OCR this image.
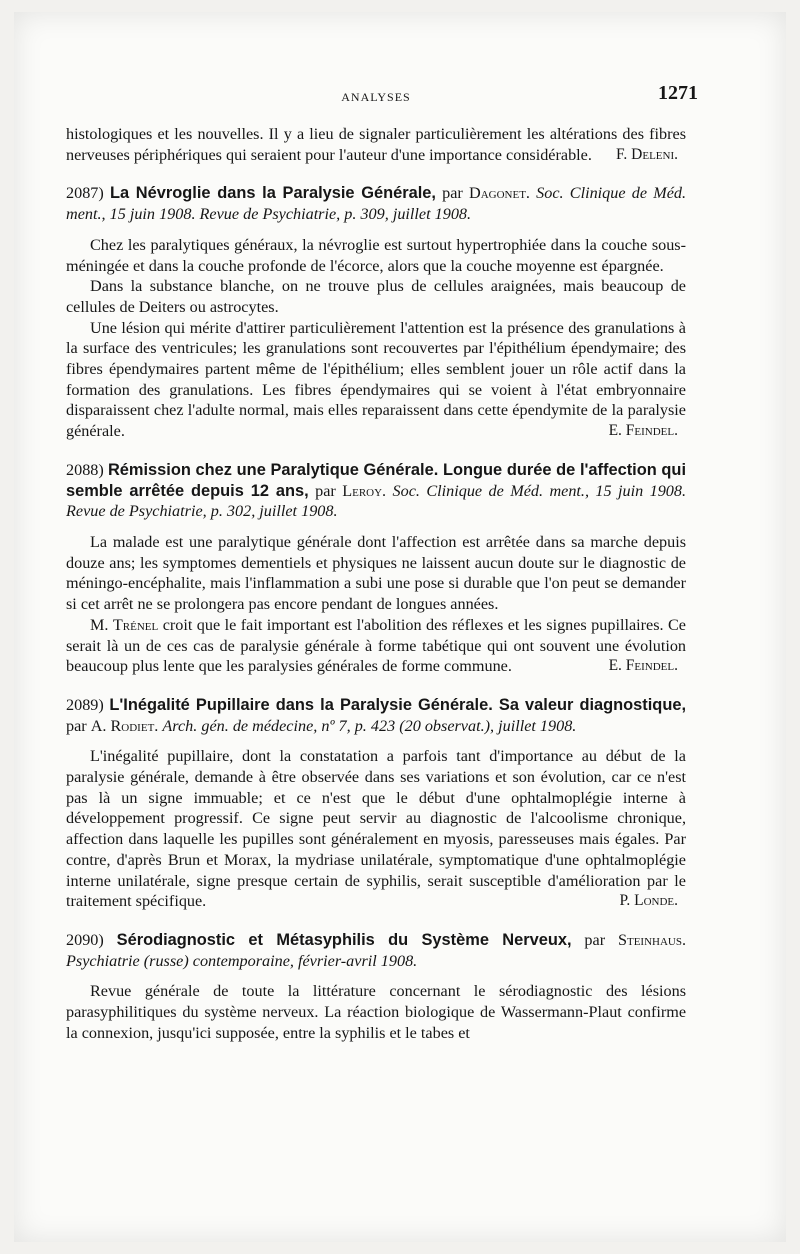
ANALYSES	1271

histologiques et les nouvelles. Il y a lieu de signaler particulièrement les altérations des fibres nerveuses périphériques qui seraient pour l'auteur d'une importance considérable.	F. Deleni.

2087) La Névroglie dans la Paralysie Générale, par Dagonet. Soc. Clinique de Méd. ment., 15 juin 1908. Revue de Psychiatrie, p. 309, juillet 1908.

Chez les paralytiques généraux, la névroglie est surtout hypertrophiée dans la couche sous-méningée et dans la couche profonde de l'écorce, alors que la couche moyenne est épargnée.

Dans la substance blanche, on ne trouve plus de cellules araignées, mais beaucoup de cellules de Deiters ou astrocytes.

Une lésion qui mérite d'attirer particulièrement l'attention est la présence des granulations à la surface des ventricules; les granulations sont recouvertes par l'épithélium épendymaire; des fibres épendymaires partent même de l'épithélium; elles semblent jouer un rôle actif dans la formation des granulations. Les fibres épendymaires qui se voient à l'état embryonnaire disparaissent chez l'adulte normal, mais elles reparaissent dans cette épendymite de la paralysie générale.	E. Feindel.

2088) Rémission chez une Paralytique Générale. Longue durée de l'affection qui semble arrêtée depuis 12 ans, par Leroy. Soc. Clinique de Méd. ment., 15 juin 1908. Revue de Psychiatrie, p. 302, juillet 1908.

La malade est une paralytique générale dont l'affection est arrêtée dans sa marche depuis douze ans; les symptomes dementiels et physiques ne laissent aucun doute sur le diagnostic de méningo-encéphalite, mais l'inflammation a subi une pose si durable que l'on peut se demander si cet arrêt ne se prolongera pas encore pendant de longues années.

M. Trénel croit que le fait important est l'abolition des réflexes et les signes pupillaires. Ce serait là un de ces cas de paralysie générale à forme tabétique qui ont souvent une évolution beaucoup plus lente que les paralysies générales de forme commune.	E. Feindel.

2089) L'Inégalité Pupillaire dans la Paralysie Générale. Sa valeur diagnostique, par A. Rodiet. Arch. gén. de médecine, nº 7, p. 423 (20 observat.), juillet 1908.

L'inégalité pupillaire, dont la constatation a parfois tant d'importance au début de la paralysie générale, demande à être observée dans ses variations et son évolution, car ce n'est pas là un signe immuable; et ce n'est que le début d'une ophtalmoplégie interne à développement progressif. Ce signe peut servir au diagnostic de l'alcoolisme chronique, affection dans laquelle les pupilles sont généralement en myosis, paresseuses mais égales. Par contre, d'après Brun et Morax, la mydriase unilatérale, symptomatique d'une ophtalmoplégie interne unilatérale, signe presque certain de syphilis, serait susceptible d'amélioration par le traitement spécifique.	P. Londe.

2090) Sérodiagnostic et Métasyphilis du Système Nerveux, par Steinhaus. Psychiatrie (russe) contemporaine, février-avril 1908.

Revue générale de toute la littérature concernant le sérodiagnostic des lésions parasyphilitiques du système nerveux. La réaction biologique de Wassermann-Plaut confirme la connexion, jusqu'ici supposée, entre la syphilis et le tabes et
